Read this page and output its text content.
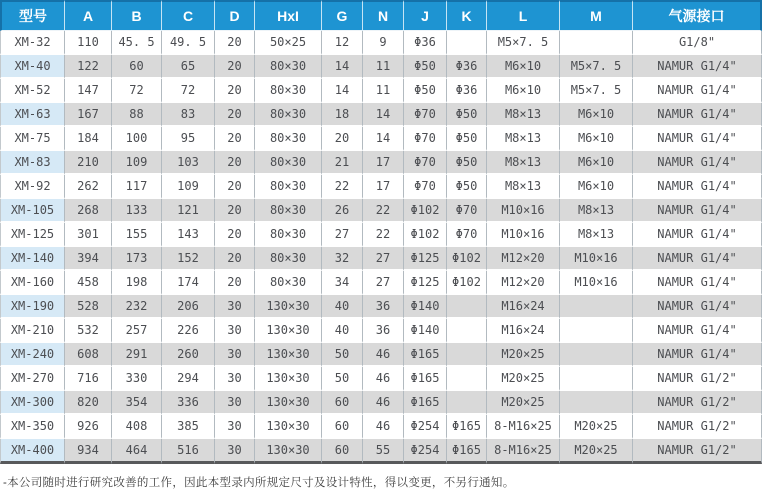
型号	A	B	C	D	HxI	G	N	J	K	L	M	气源接口
XM-32	110	45. 5	49. 5	20	50×25	12	9	Φ36		M5×7. 5		G1/8"
XM-40	122	60	65	20	80×30	14	11	Φ50	Φ36	M6×10	M5×7. 5	NAMUR G1/4"
XM-52	147	72	72	20	80×30	14	11	Φ50	Φ36	M6×10	M5×7. 5	NAMUR G1/4"
XM-63	167	88	83	20	80×30	18	14	Φ70	Φ50	M8×13	M6×10	NAMUR G1/4"
XM-75	184	100	95	20	80×30	20	14	Φ70	Φ50	M8×13	M6×10	NAMUR G1/4"
XM-83	210	109	103	20	80×30	21	17	Φ70	Φ50	M8×13	M6×10	NAMUR G1/4"
XM-92	262	117	109	20	80×30	22	17	Φ70	Φ50	M8×13	M6×10	NAMUR G1/4"
XM-105	268	133	121	20	80×30	26	22	Φ102	Φ70	M10×16	M8×13	NAMUR G1/4"
XM-125	301	155	143	20	80×30	27	22	Φ102	Φ70	M10×16	M8×13	NAMUR G1/4"
XM-140	394	173	152	20	80×30	32	27	Φ125	Φ102	M12×20	M10×16	NAMUR G1/4"
XM-160	458	198	174	20	80×30	34	27	Φ125	Φ102	M12×20	M10×16	NAMUR G1/4"
XM-190	528	232	206	30	130×30	40	36	Φ140		M16×24		NAMUR G1/4"
XM-210	532	257	226	30	130×30	40	36	Φ140		M16×24		NAMUR G1/4"
XM-240	608	291	260	30	130×30	50	46	Φ165		M20×25		NAMUR G1/4"
XM-270	716	330	294	30	130×30	50	46	Φ165		M20×25		NAMUR G1/2"
XM-300	820	354	336	30	130×30	60	46	Φ165		M20×25		NAMUR G1/2"
XM-350	926	408	385	30	130×30	60	46	Φ254	Φ165	8-M16×25	M20×25	NAMUR G1/2"
XM-400	934	464	516	30	130×30	60	55	Φ254	Φ165	8-M16×25	M20×25	NAMUR G1/2"
-本公司随时进行研究改善的工作，因此本型录内所规定尺寸及设计特性，得以变更，不另行通知。
